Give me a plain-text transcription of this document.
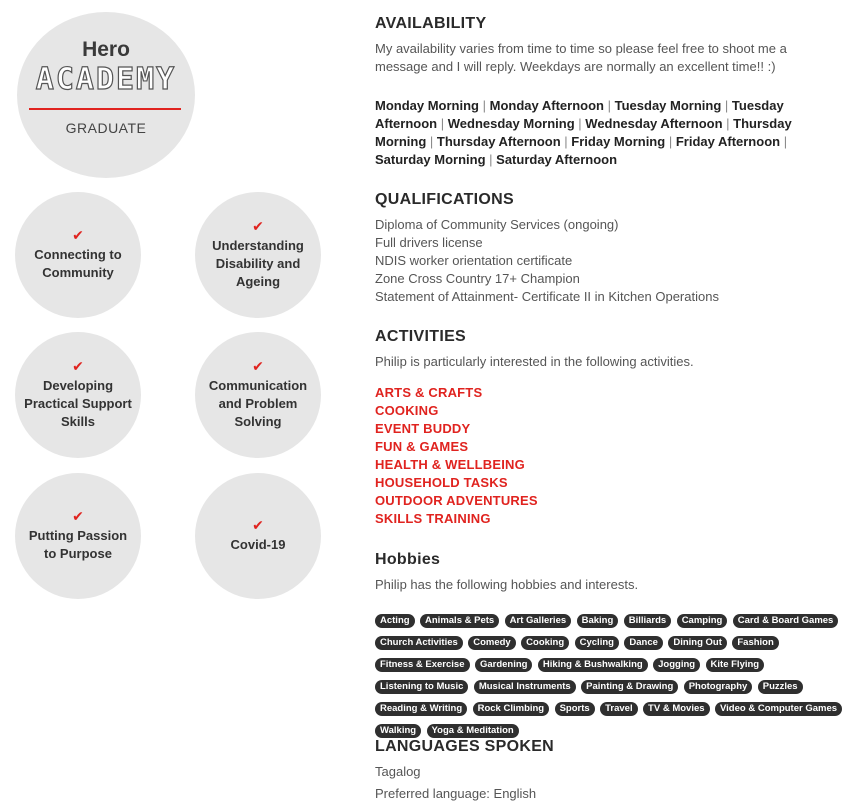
Hero
ACADEMY
GRADUATE
✔
Connecting to Community
✔
Understanding Disability and Ageing
✔
Developing Practical Support Skills
✔
Communication and Problem Solving
✔
Putting Passion to Purpose
✔
Covid-19
AVAILABILITY
My availability varies from time to time so please feel free to shoot me a
message and I will reply. Weekdays are normally an excellent time!! :)
Monday Morning | Monday Afternoon | Tuesday Morning | Tuesday Afternoon | Wednesday Morning | Wednesday Afternoon | Thursday Morning | Thursday Afternoon | Friday Morning | Friday Afternoon | Saturday Morning | Saturday Afternoon
QUALIFICATIONS
Diploma of Community Services (ongoing)
Full drivers license
NDIS worker orientation certificate
Zone Cross Country 17+ Champion
Statement of Attainment- Certificate II in Kitchen Operations
ACTIVITIES
Philip is particularly interested in the following activities.
ARTS & CRAFTS
COOKING
EVENT BUDDY
FUN & GAMES
HEALTH & WELLBEING
HOUSEHOLD TASKS
OUTDOOR ADVENTURES
SKILLS TRAINING
Hobbies
Philip has the following hobbies and interests.
Acting Animals & Pets Art Galleries Baking Billiards Camping Card & Board Games Church Activities Comedy Cooking Cycling Dance Dining Out Fashion Fitness & Exercise Gardening Hiking & Bushwalking Jogging Kite Flying Listening to Music Musical Instruments Painting & Drawing Photography Puzzles Reading & Writing Rock Climbing Sports Travel TV & Movies Video & Computer Games Walking Yoga & Meditation
LANGUAGES SPOKEN
Tagalog
Preferred language: English
